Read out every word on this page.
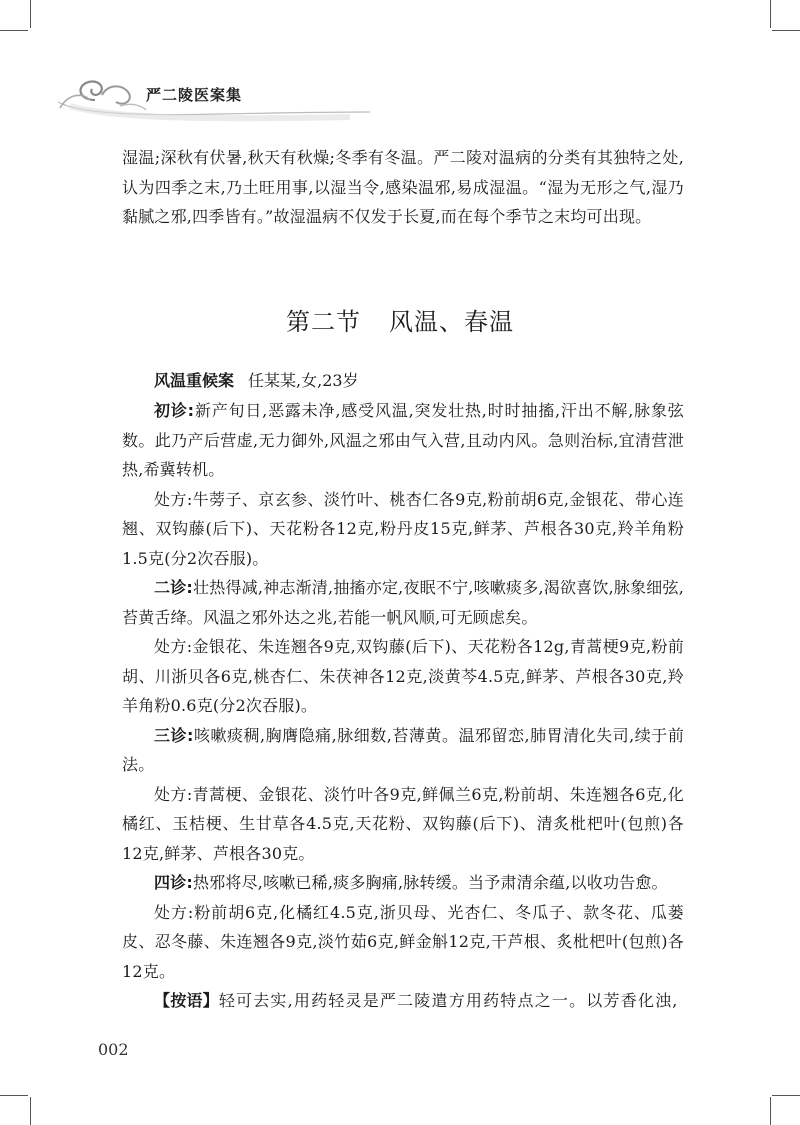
严二陵医案集

湿温;深秋有伏暑,秋天有秋燥;冬季有冬温。严二陵对温病的分类有其独特之处,认为四季之末,乃土旺用事,以湿当令,感染温邪,易成湿温。“湿为无形之气,湿乃黏腻之邪,四季皆有。”故湿温病不仅发于长夏,而在每个季节之末均可出现。

第二节 风温、春温
风温重候案 任某某,女,23岁

初诊:新产旬日,恶露未净,感受风温,突发壮热,时时抽搐,汗出不解,脉象弦数。此乃产后营虚,无力御外,风温之邪由气入营,且动内风。急则治标,宜清营泄热,希冀转机。

处方:牛蒡子、京玄参、淡竹叶、桃杏仁各9克,粉前胡6克,金银花、带心连翘、双钩藤(后下)、天花粉各12克,粉丹皮15克,鲜茅、芦根各30克,羚羊角粉1.5克(分2次吞服)。

二诊:壮热得减,神志渐清,抽搐亦定,夜眠不宁,咳嗽痰多,渴欲喜饮,脉象细弦,苔黄舌绛。风温之邪外达之兆,若能一帆风顺,可无顾虑矣。

处方:金银花、朱连翘各9克,双钩藤(后下)、天花粉各12g,青蒿梗9克,粉前胡、川浙贝各6克,桃杏仁、朱茯神各12克,淡黄芩4.5克,鲜茅、芦根各30克,羚羊角粉0.6克(分2次吞服)。

三诊:咳嗽痰稠,胸膺隐痛,脉细数,苔薄黄。温邪留恋,肺胃清化失司,续于前法。

处方:青蒿梗、金银花、淡竹叶各9克,鲜佩兰6克,粉前胡、朱连翘各6克,化橘红、玉桔梗、生甘草各4.5克,天花粉、双钩藤(后下)、清炙枇杷叶(包煎)各12克,鲜茅、芦根各30克。

四诊:热邪将尽,咳嗽已稀,痰多胸痛,脉转缓。当予肃清余蕴,以收功告愈。

处方:粉前胡6克,化橘红4.5克,浙贝母、光杏仁、冬瓜子、款冬花、瓜蒌皮、忍冬藤、朱连翘各9克,淡竹茹6克,鲜金斛12克,干芦根、炙枇杷叶(包煎)各12克。

【按语】轻可去实,用药轻灵是严二陵遣方用药特点之一。以芳香化浊,

002
